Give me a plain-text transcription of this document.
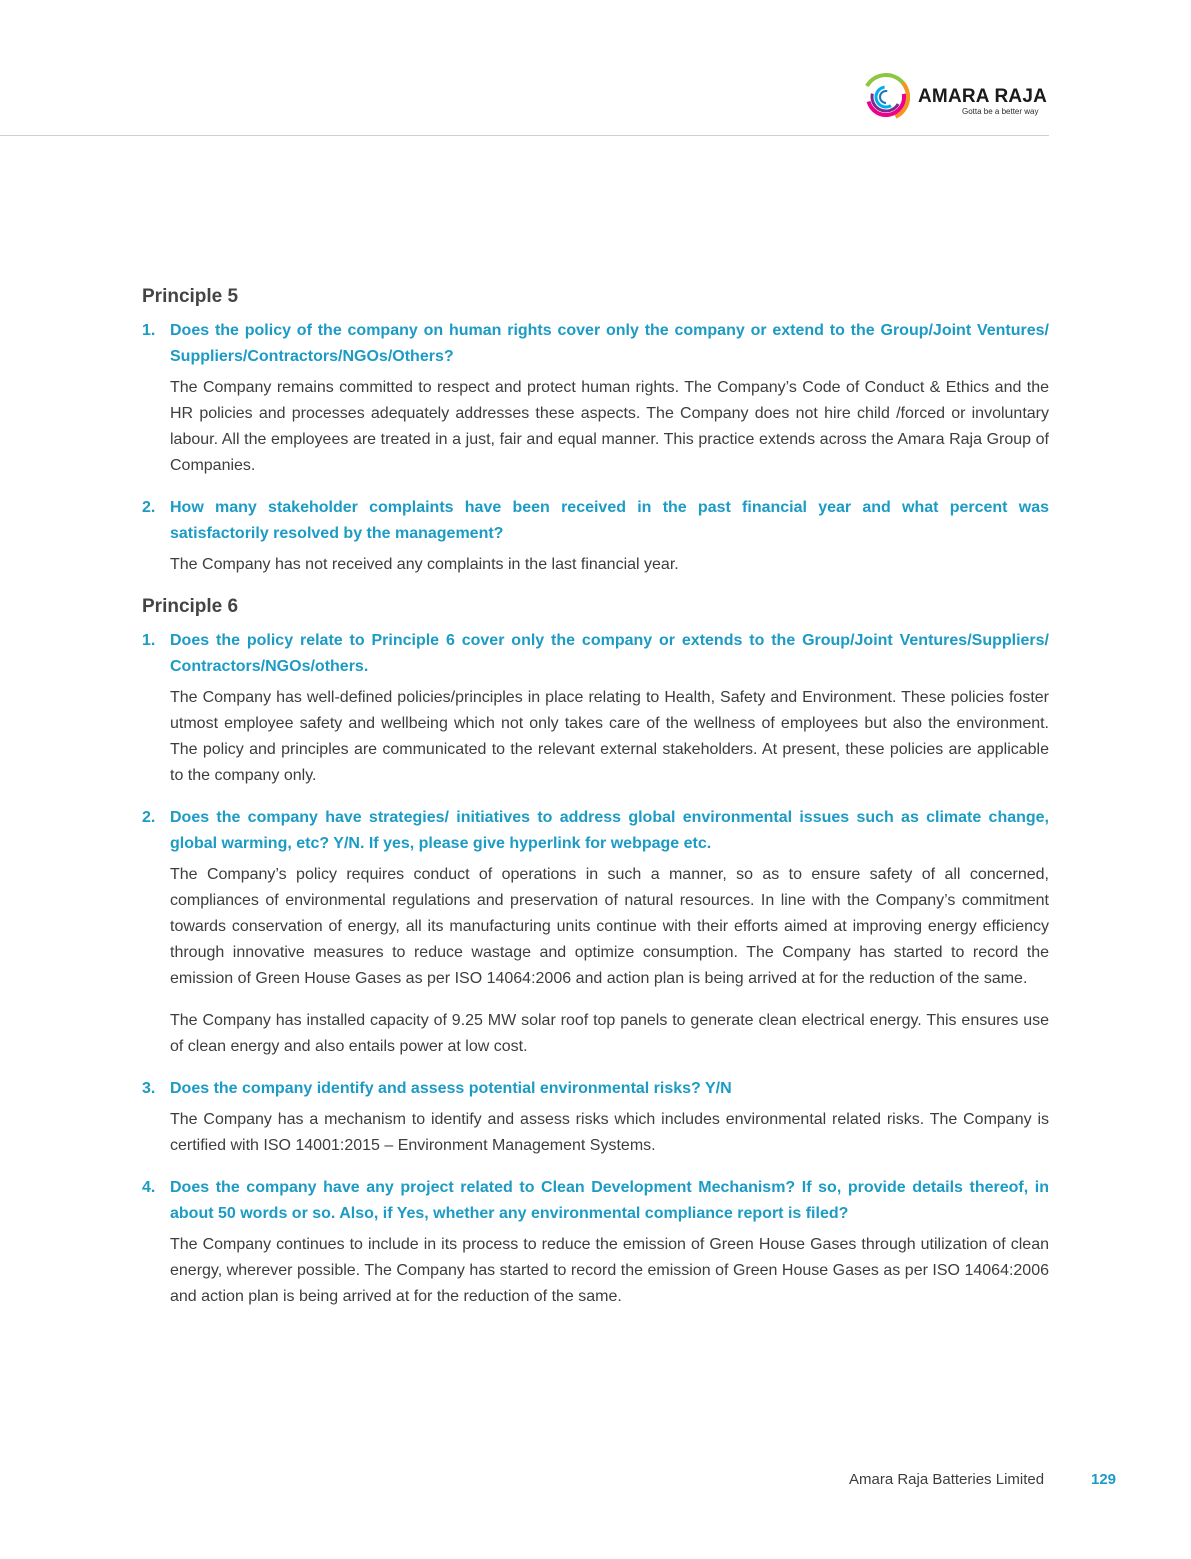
AMARA RAJA
Gotta be a better way
Principle 5
1. Does the policy of the company on human rights cover only the company or extend to the Group/Joint Ventures/ Suppliers/Contractors/NGOs/Others?
The Company remains committed to respect and protect human rights. The Company’s Code of Conduct & Ethics and the HR policies and processes adequately addresses these aspects. The Company does not hire child /forced or involuntary labour. All the employees are treated in a just, fair and equal manner. This practice extends across the Amara Raja Group of Companies.
2. How many stakeholder complaints have been received in the past financial year and what percent was satisfactorily resolved by the management?
The Company has not received any complaints in the last financial year.
Principle 6
1. Does the policy relate to Principle 6 cover only the company or extends to the Group/Joint Ventures/Suppliers/ Contractors/NGOs/others.
The Company has well-defined policies/principles in place relating to Health, Safety and Environment. These policies foster utmost employee safety and wellbeing which not only takes care of the wellness of employees but also the environment. The policy and principles are communicated to the relevant external stakeholders. At present, these policies are applicable to the company only.
2. Does the company have strategies/ initiatives to address global environmental issues such as climate change, global warming, etc? Y/N. If yes, please give hyperlink for webpage etc.
The Company’s policy requires conduct of operations in such a manner, so as to ensure safety of all concerned, compliances of environmental regulations and preservation of natural resources. In line with the Company’s commitment towards conservation of energy, all its manufacturing units continue with their efforts aimed at improving energy efficiency through innovative measures to reduce wastage and optimize consumption. The Company has started to record the emission of Green House Gases as per ISO 14064:2006 and action plan is being arrived at for the reduction of the same.
The Company has installed capacity of 9.25 MW solar roof top panels to generate clean electrical energy. This ensures use of clean energy and also entails power at low cost.
3. Does the company identify and assess potential environmental risks? Y/N
The Company has a mechanism to identify and assess risks which includes environmental related risks. The Company is certified with ISO 14001:2015 – Environment Management Systems.
4. Does the company have any project related to Clean Development Mechanism? If so, provide details thereof, in about 50 words or so. Also, if Yes, whether any environmental compliance report is filed?
The Company continues to include in its process to reduce the emission of Green House Gases through utilization of clean energy, wherever possible. The Company has started to record the emission of Green House Gases as per ISO 14064:2006 and action plan is being arrived at for the reduction of the same.
Amara Raja Batteries Limited	129
